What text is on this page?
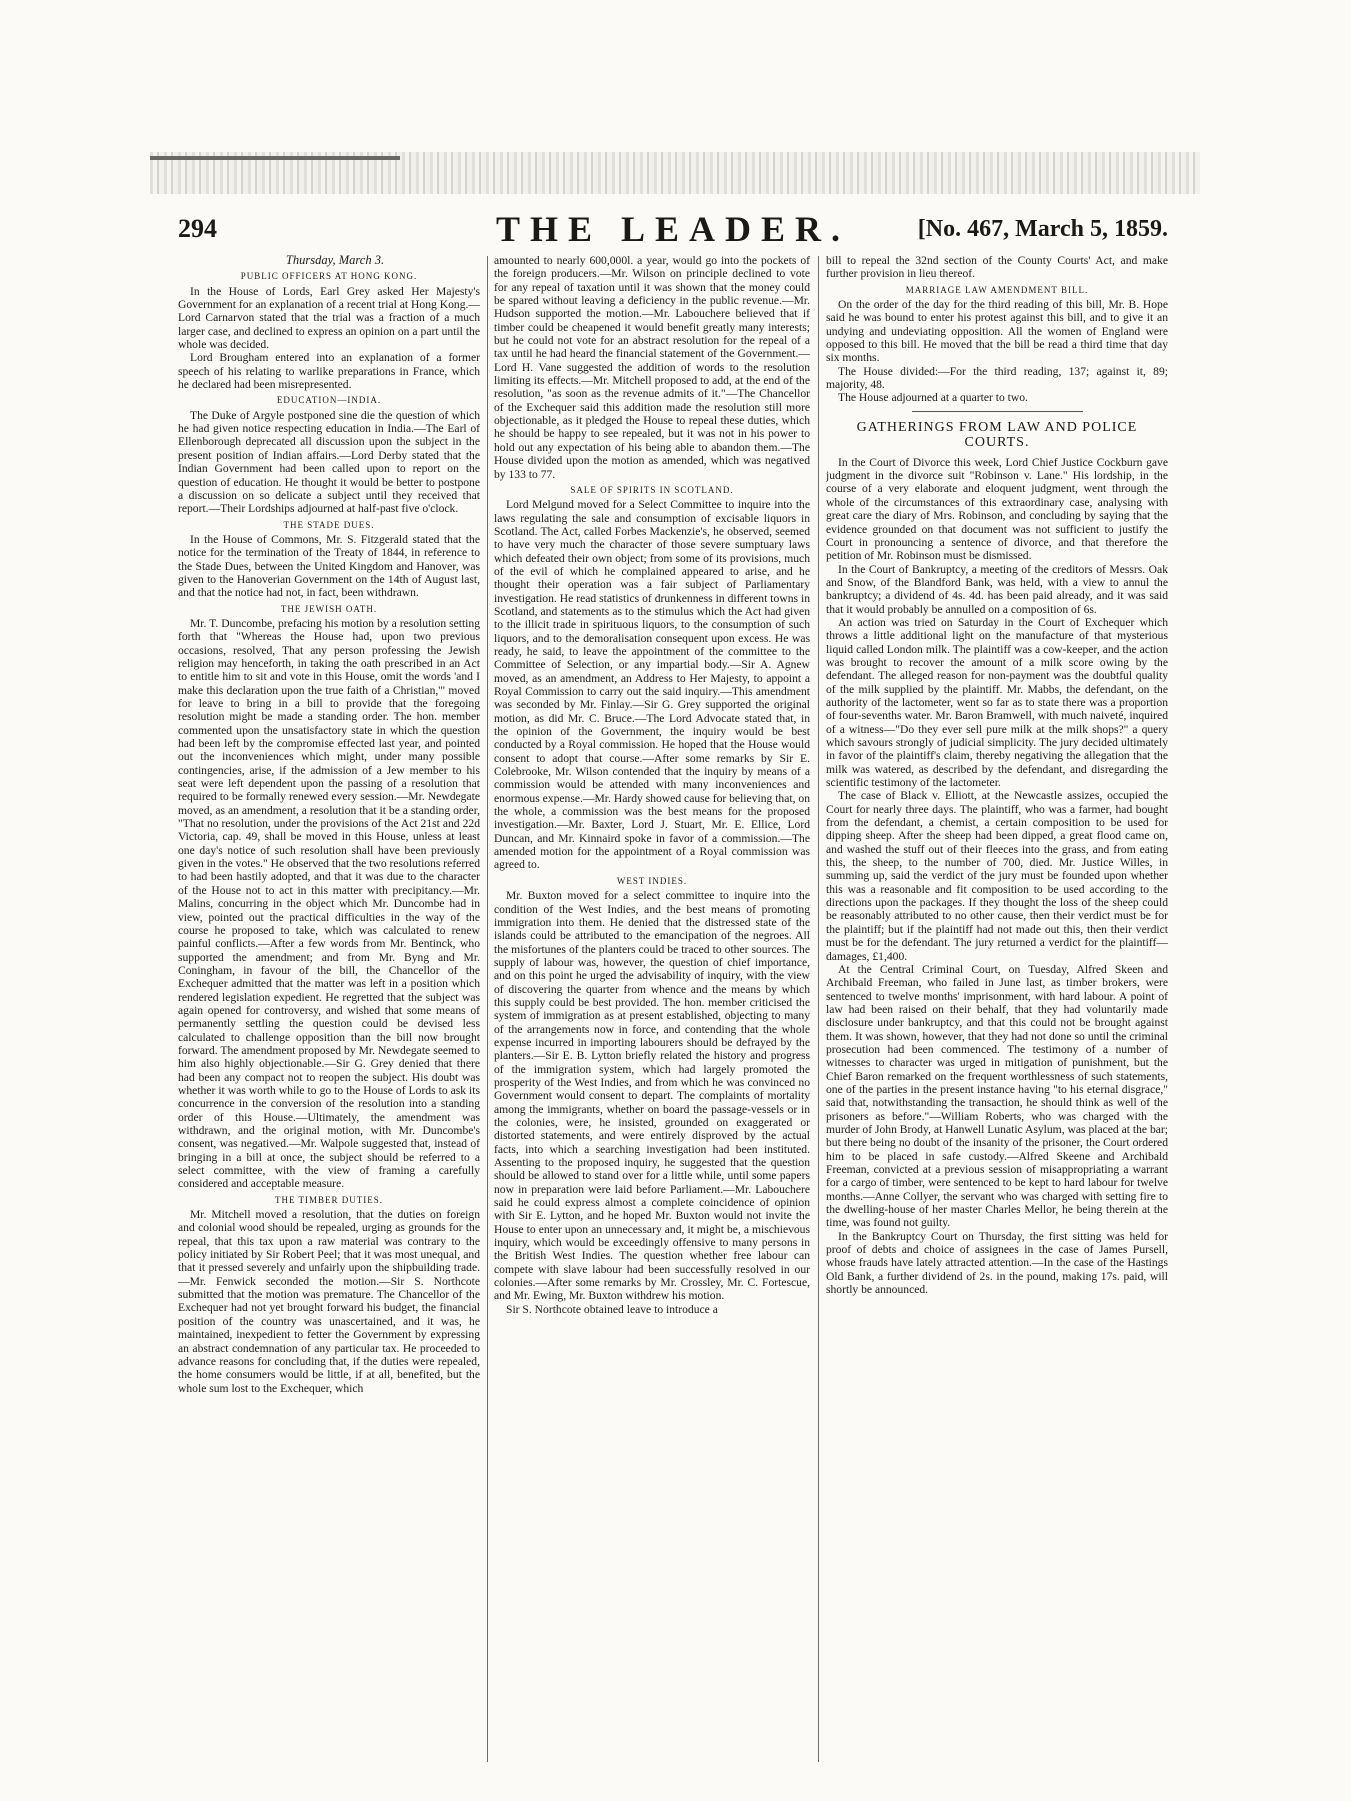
294	THE LEADER.	[No. 467, March 5, 1859.

Thursday, March 3.

PUBLIC OFFICERS AT HONG KONG.

In the House of Lords, Earl Grey asked Her Majesty's Government for an explanation of a recent trial at Hong Kong.—Lord Carnarvon stated that the trial was a fraction of a much larger case, and declined to express an opinion on a part until the whole was decided.

Lord Brougham entered into an explanation of a former speech of his relating to warlike preparations in France, which he declared had been misrepresented.

EDUCATION—INDIA.

The Duke of Argyle postponed sine die the question of which he had given notice respecting education in India.—The Earl of Ellenborough deprecated all discussion upon the subject in the present position of Indian affairs.—Lord Derby stated that the Indian Government had been called upon to report on the question of education. He thought it would be better to postpone a discussion on so delicate a subject until they received that report.—Their Lordships adjourned at half-past five o'clock.

THE STADE DUES.

In the House of Commons, Mr. S. Fitzgerald stated that the notice for the termination of the Treaty of 1844, in reference to the Stade Dues, between the United Kingdom and Hanover, was given to the Hanoverian Government on the 14th of August last, and that the notice had not, in fact, been withdrawn.

THE JEWISH OATH.

Mr. T. Duncombe, prefacing his motion by a resolution setting forth that "Whereas the House had, upon two previous occasions, resolved, That any person professing the Jewish religion may henceforth, in taking the oath prescribed in an Act to entitle him to sit and vote in this House, omit the words 'and I make this declaration upon the true faith of a Christian,'" moved for leave to bring in a bill to provide that the foregoing resolution might be made a standing order. The hon. member commented upon the unsatisfactory state in which the question had been left by the compromise effected last year, and pointed out the inconveniences which might, under many possible contingencies, arise, if the admission of a Jew member to his seat were left dependent upon the passing of a resolution that required to be formally renewed every session.—Mr. Newdegate moved, as an amendment, a resolution that it be a standing order, "That no resolution, under the provisions of the Act 21st and 22d Victoria, cap. 49, shall be moved in this House, unless at least one day's notice of such resolution shall have been previously given in the votes." He observed that the two resolutions referred to had been hastily adopted, and that it was due to the character of the House not to act in this matter with precipitancy.—Mr. Malins, concurring in the object which Mr. Duncombe had in view, pointed out the practical difficulties in the way of the course he proposed to take, which was calculated to renew painful conflicts.—After a few words from Mr. Bentinck, who supported the amendment; and from Mr. Byng and Mr. Coningham, in favour of the bill, the Chancellor of the Exchequer admitted that the matter was left in a position which rendered legislation expedient. He regretted that the subject was again opened for controversy, and wished that some means of permanently settling the question could be devised less calculated to challenge opposition than the bill now brought forward. The amendment proposed by Mr. Newdegate seemed to him also highly objectionable.—Sir G. Grey denied that there had been any compact not to reopen the subject. His doubt was whether it was worth while to go to the House of Lords to ask its concurrence in the conversion of the resolution into a standing order of this House.—Ultimately, the amendment was withdrawn, and the original motion, with Mr. Duncombe's consent, was negatived.—Mr. Walpole suggested that, instead of bringing in a bill at once, the subject should be referred to a select committee, with the view of framing a carefully considered and acceptable measure.

THE TIMBER DUTIES.

Mr. Mitchell moved a resolution, that the duties on foreign and colonial wood should be repealed, urging as grounds for the repeal, that this tax upon a raw material was contrary to the policy initiated by Sir Robert Peel; that it was most unequal, and that it pressed severely and unfairly upon the shipbuilding trade.—Mr. Fenwick seconded the motion.—Sir S. Northcote submitted that the motion was premature. The Chancellor of the Exchequer had not yet brought forward his budget, the financial position of the country was unascertained, and it was, he maintained, inexpedient to fetter the Government by expressing an abstract condemnation of any particular tax. He proceeded to advance reasons for concluding that, if the duties were repealed, the home consumers would be little, if at all, benefited, but the whole sum lost to the Exchequer, which

amounted to nearly 600,000l. a year, would go into the pockets of the foreign producers.—Mr. Wilson on principle declined to vote for any repeal of taxation until it was shown that the money could be spared without leaving a deficiency in the public revenue.—Mr. Hudson supported the motion.—Mr. Labouchere believed that if timber could be cheapened it would benefit greatly many interests; but he could not vote for an abstract resolution for the repeal of a tax until he had heard the financial statement of the Government.—Lord H. Vane suggested the addition of words to the resolution limiting its effects.—Mr. Mitchell proposed to add, at the end of the resolution, "as soon as the revenue admits of it."—The Chancellor of the Exchequer said this addition made the resolution still more objectionable, as it pledged the House to repeal these duties, which he should be happy to see repealed, but it was not in his power to hold out any expectation of his being able to abandon them.—The House divided upon the motion as amended, which was negatived by 133 to 77.

SALE OF SPIRITS IN SCOTLAND.

Lord Melgund moved for a Select Committee to inquire into the laws regulating the sale and consumption of excisable liquors in Scotland. The Act, called Forbes Mackenzie's, he observed, seemed to have very much the character of those severe sumptuary laws which defeated their own object; from some of its provisions, much of the evil of which he complained appeared to arise, and he thought their operation was a fair subject of Parliamentary investigation. He read statistics of drunkenness in different towns in Scotland, and statements as to the stimulus which the Act had given to the illicit trade in spirituous liquors, to the consumption of such liquors, and to the demoralisation consequent upon excess. He was ready, he said, to leave the appointment of the committee to the Committee of Selection, or any impartial body.—Sir A. Agnew moved, as an amendment, an Address to Her Majesty, to appoint a Royal Commission to carry out the said inquiry.—This amendment was seconded by Mr. Finlay.—Sir G. Grey supported the original motion, as did Mr. C. Bruce.—The Lord Advocate stated that, in the opinion of the Government, the inquiry would be best conducted by a Royal commission. He hoped that the House would consent to adopt that course.—After some remarks by Sir E. Colebrooke, Mr. Wilson contended that the inquiry by means of a commission would be attended with many inconveniences and enormous expense.—Mr. Hardy showed cause for believing that, on the whole, a commission was the best means for the proposed investigation.—Mr. Baxter, Lord J. Stuart, Mr. E. Ellice, Lord Duncan, and Mr. Kinnaird spoke in favor of a commission.—The amended motion for the appointment of a Royal commission was agreed to.

WEST INDIES.

Mr. Buxton moved for a select committee to inquire into the condition of the West Indies, and the best means of promoting immigration into them. He denied that the distressed state of the islands could be attributed to the emancipation of the negroes. All the misfortunes of the planters could be traced to other sources. The supply of labour was, however, the question of chief importance, and on this point he urged the advisability of inquiry, with the view of discovering the quarter from whence and the means by which this supply could be best provided. The hon. member criticised the system of immigration as at present established, objecting to many of the arrangements now in force, and contending that the whole expense incurred in importing labourers should be defrayed by the planters.—Sir E. B. Lytton briefly related the history and progress of the immigration system, which had largely promoted the prosperity of the West Indies, and from which he was convinced no Government would consent to depart. The complaints of mortality among the immigrants, whether on board the passage-vessels or in the colonies, were, he insisted, grounded on exaggerated or distorted statements, and were entirely disproved by the actual facts, into which a searching investigation had been instituted. Assenting to the proposed inquiry, he suggested that the question should be allowed to stand over for a little while, until some papers now in preparation were laid before Parliament.—Mr. Labouchere said he could express almost a complete coincidence of opinion with Sir E. Lytton, and he hoped Mr. Buxton would not invite the House to enter upon an unnecessary and, it might be, a mischievous inquiry, which would be exceedingly offensive to many persons in the British West Indies. The question whether free labour can compete with slave labour had been successfully resolved in our colonies.—After some remarks by Mr. Crossley, Mr. C. Fortescue, and Mr. Ewing, Mr. Buxton withdrew his motion.

Sir S. Northcote obtained leave to introduce a

bill to repeal the 32nd section of the County Courts' Act, and make further provision in lieu thereof.

MARRIAGE LAW AMENDMENT BILL.

On the order of the day for the third reading of this bill, Mr. B. Hope said he was bound to enter his protest against this bill, and to give it an undying and undeviating opposition. All the women of England were opposed to this bill. He moved that the bill be read a third time that day six months.

The House divided:—For the third reading, 137; against it, 89; majority, 48.

The House adjourned at a quarter to two.

GATHERINGS FROM LAW AND POLICE COURTS.

In the Court of Divorce this week, Lord Chief Justice Cockburn gave judgment in the divorce suit "Robinson v. Lane." His lordship, in the course of a very elaborate and eloquent judgment, went through the whole of the circumstances of this extraordinary case, analysing with great care the diary of Mrs. Robinson, and concluding by saying that the evidence grounded on that document was not sufficient to justify the Court in pronouncing a sentence of divorce, and that therefore the petition of Mr. Robinson must be dismissed.

In the Court of Bankruptcy, a meeting of the creditors of Messrs. Oak and Snow, of the Blandford Bank, was held, with a view to annul the bankruptcy; a dividend of 4s. 4d. has been paid already, and it was said that it would probably be annulled on a composition of 6s.

An action was tried on Saturday in the Court of Exchequer which throws a little additional light on the manufacture of that mysterious liquid called London milk. The plaintiff was a cow-keeper, and the action was brought to recover the amount of a milk score owing by the defendant. The alleged reason for non-payment was the doubtful quality of the milk supplied by the plaintiff. Mr. Mabbs, the defendant, on the authority of the lactometer, went so far as to state there was a proportion of four-sevenths water. Mr. Baron Bramwell, with much naiveté, inquired of a witness—"Do they ever sell pure milk at the milk shops?" a query which savours strongly of judicial simplicity. The jury decided ultimately in favor of the plaintiff's claim, thereby negativing the allegation that the milk was watered, as described by the defendant, and disregarding the scientific testimony of the lactometer.

The case of Black v. Elliott, at the Newcastle assizes, occupied the Court for nearly three days. The plaintiff, who was a farmer, had bought from the defendant, a chemist, a certain composition to be used for dipping sheep. After the sheep had been dipped, a great flood came on, and washed the stuff out of their fleeces into the grass, and from eating this, the sheep, to the number of 700, died. Mr. Justice Willes, in summing up, said the verdict of the jury must be founded upon whether this was a reasonable and fit composition to be used according to the directions upon the packages. If they thought the loss of the sheep could be reasonably attributed to no other cause, then their verdict must be for the plaintiff; but if the plaintiff had not made out this, then their verdict must be for the defendant. The jury returned a verdict for the plaintiff—damages, £1,400.

At the Central Criminal Court, on Tuesday, Alfred Skeen and Archibald Freeman, who failed in June last, as timber brokers, were sentenced to twelve months' imprisonment, with hard labour. A point of law had been raised on their behalf, that they had voluntarily made disclosure under bankruptcy, and that this could not be brought against them. It was shown, however, that they had not done so until the criminal prosecution had been commenced. The testimony of a number of witnesses to character was urged in mitigation of punishment, but the Chief Baron remarked on the frequent worthlessness of such statements, one of the parties in the present instance having "to his eternal disgrace," said that, notwithstanding the transaction, he should think as well of the prisoners as before."—William Roberts, who was charged with the murder of John Brody, at Hanwell Lunatic Asylum, was placed at the bar; but there being no doubt of the insanity of the prisoner, the Court ordered him to be placed in safe custody.—Alfred Skeene and Archibald Freeman, convicted at a previous session of misappropriating a warrant for a cargo of timber, were sentenced to be kept to hard labour for twelve months.—Anne Collyer, the servant who was charged with setting fire to the dwelling-house of her master Charles Mellor, he being therein at the time, was found not guilty.

In the Bankruptcy Court on Thursday, the first sitting was held for proof of debts and choice of assignees in the case of James Pursell, whose frauds have lately attracted attention.—In the case of the Hastings Old Bank, a further dividend of 2s. in the pound, making 17s. paid, will shortly be announced.
